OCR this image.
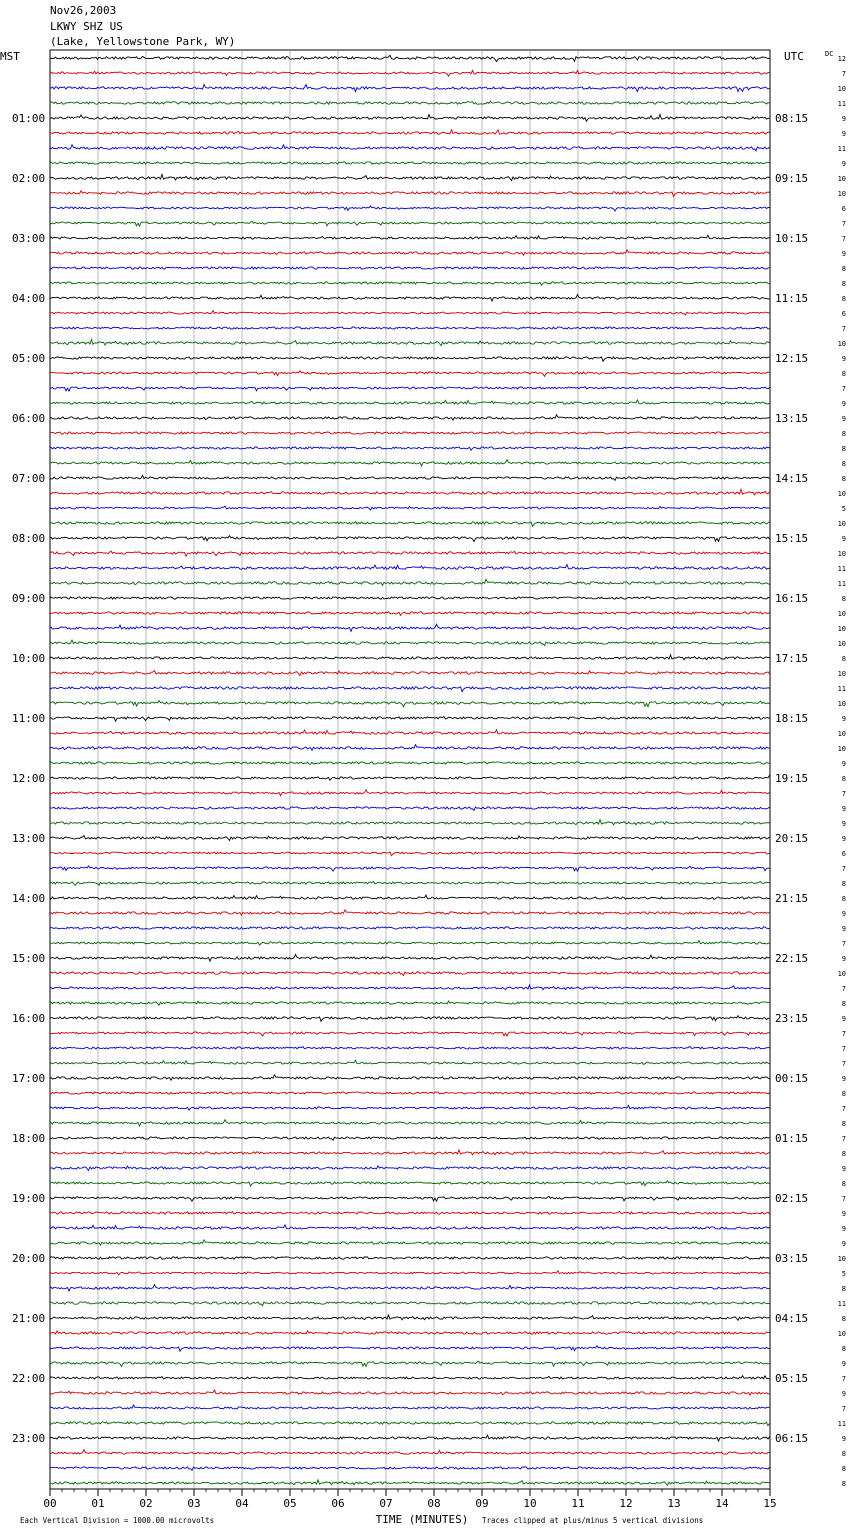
Nov26,2003
LKWY SHZ US
(Lake, Yellowstone Park, WY)
MST	UTC	DC
01:00
02:00
03:00
04:00
05:00
06:00
07:00
08:00
09:00
10:00
11:00
12:00
13:00
14:00
15:00
16:00
17:00
18:00
19:00
20:00
21:00
22:00
23:00
08:15
09:15
10:15
11:15
12:15
13:15
14:15
15:15
16:15
17:15
18:15
19:15
20:15
21:15
22:15
23:15
00:15
01:15
02:15
03:15
04:15
05:15
06:15
12
7
10
11
9
9
11
9
10
10
6
7
7
9
8
8
8
6
7
10
9
8
7
9
9
8
8
8
8
10
5
10
9
10
11
11
8
10
10
10
8
10
11
10
9
10
10
9
8
7
9
9
9
6
7
8
8
9
9
7
9
10
7
8
9
7
7
7
9
8
7
8
7
8
9
8
7
9
9
9
10
5
8
11
8
10
8
9
7
9
7
11
9
8
8
8
00	01	02	03	04	05	06	07	08	09	10	11	12	13	14	15
TIME (MINUTES)
Each Vertical Division = 1000.00 microvolts	Traces clipped at plus/minus 5 vertical divisions
